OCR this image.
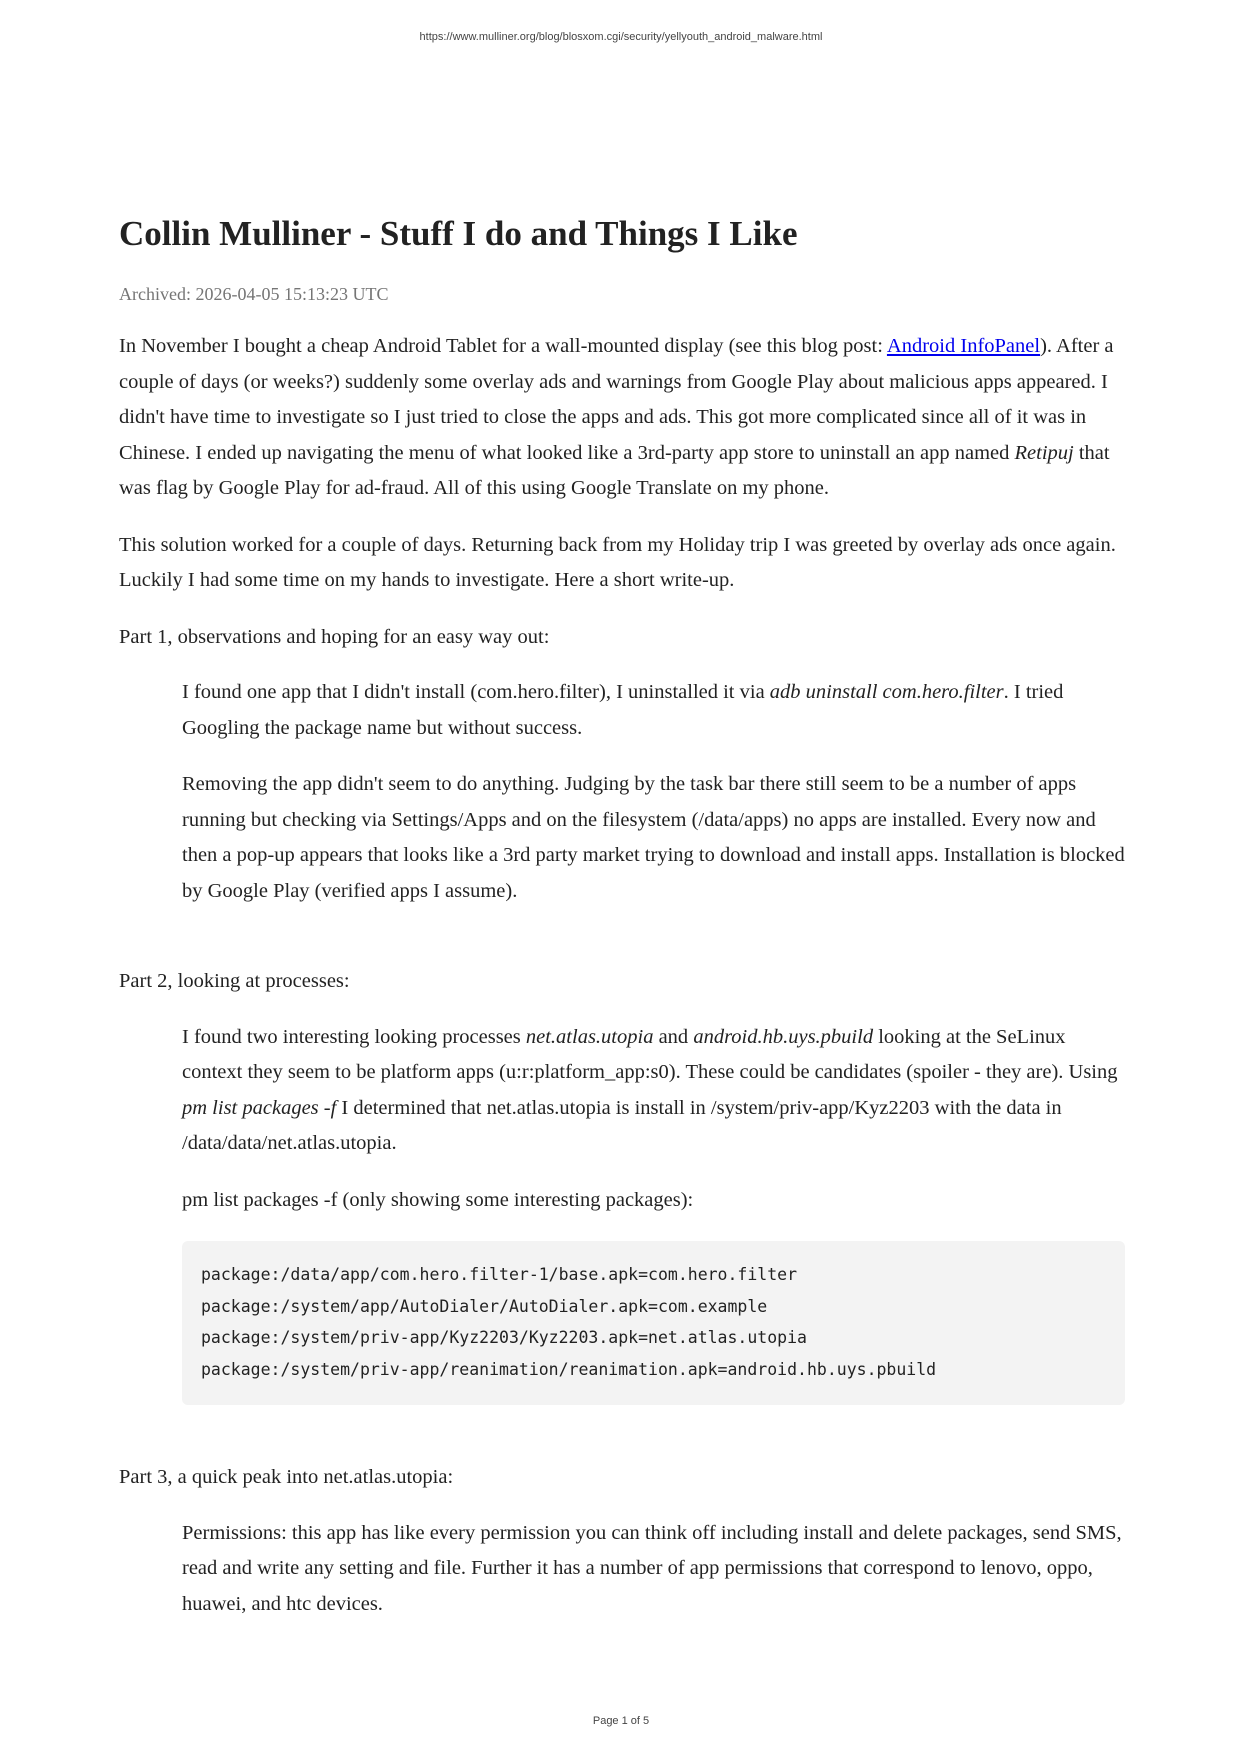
https://www.mulliner.org/blog/blosxom.cgi/security/yellyouth_android_malware.html
Collin Mulliner - Stuff I do and Things I Like
Archived: 2026-04-05 15:13:23 UTC

In November I bought a cheap Android Tablet for a wall-mounted display (see this blog post: Android InfoPanel). After a couple of days (or weeks?) suddenly some overlay ads and warnings from Google Play about malicious apps appeared. I didn't have time to investigate so I just tried to close the apps and ads. This got more complicated since all of it was in Chinese. I ended up navigating the menu of what looked like a 3rd-party app store to uninstall an app named Retipuj that was flag by Google Play for ad-fraud. All of this using Google Translate on my phone.

This solution worked for a couple of days. Returning back from my Holiday trip I was greeted by overlay ads once again. Luckily I had some time on my hands to investigate. Here a short write-up.

Part 1, observations and hoping for an easy way out:

I found one app that I didn't install (com.hero.filter), I uninstalled it via adb uninstall com.hero.filter. I tried Googling the package name but without success.

Removing the app didn't seem to do anything. Judging by the task bar there still seem to be a number of apps running but checking via Settings/Apps and on the filesystem (/data/apps) no apps are installed. Every now and then a pop-up appears that looks like a 3rd party market trying to download and install apps. Installation is blocked by Google Play (verified apps I assume).

Part 2, looking at processes:

I found two interesting looking processes net.atlas.utopia and android.hb.uys.pbuild looking at the SeLinux context they seem to be platform apps (u:r:platform_app:s0). These could be candidates (spoiler - they are). Using pm list packages -f I determined that net.atlas.utopia is install in /system/priv-app/Kyz2203 with the data in /data/data/net.atlas.utopia.

pm list packages -f (only showing some interesting packages):

package:/data/app/com.hero.filter-1/base.apk=com.hero.filter
package:/system/app/AutoDialer/AutoDialer.apk=com.example
package:/system/priv-app/Kyz2203/Kyz2203.apk=net.atlas.utopia
package:/system/priv-app/reanimation/reanimation.apk=android.hb.uys.pbuild

Part 3, a quick peak into net.atlas.utopia:

Permissions: this app has like every permission you can think off including install and delete packages, send SMS, read and write any setting and file. Further it has a number of app permissions that correspond to lenovo, oppo, huawei, and htc devices.

Page 1 of 5
